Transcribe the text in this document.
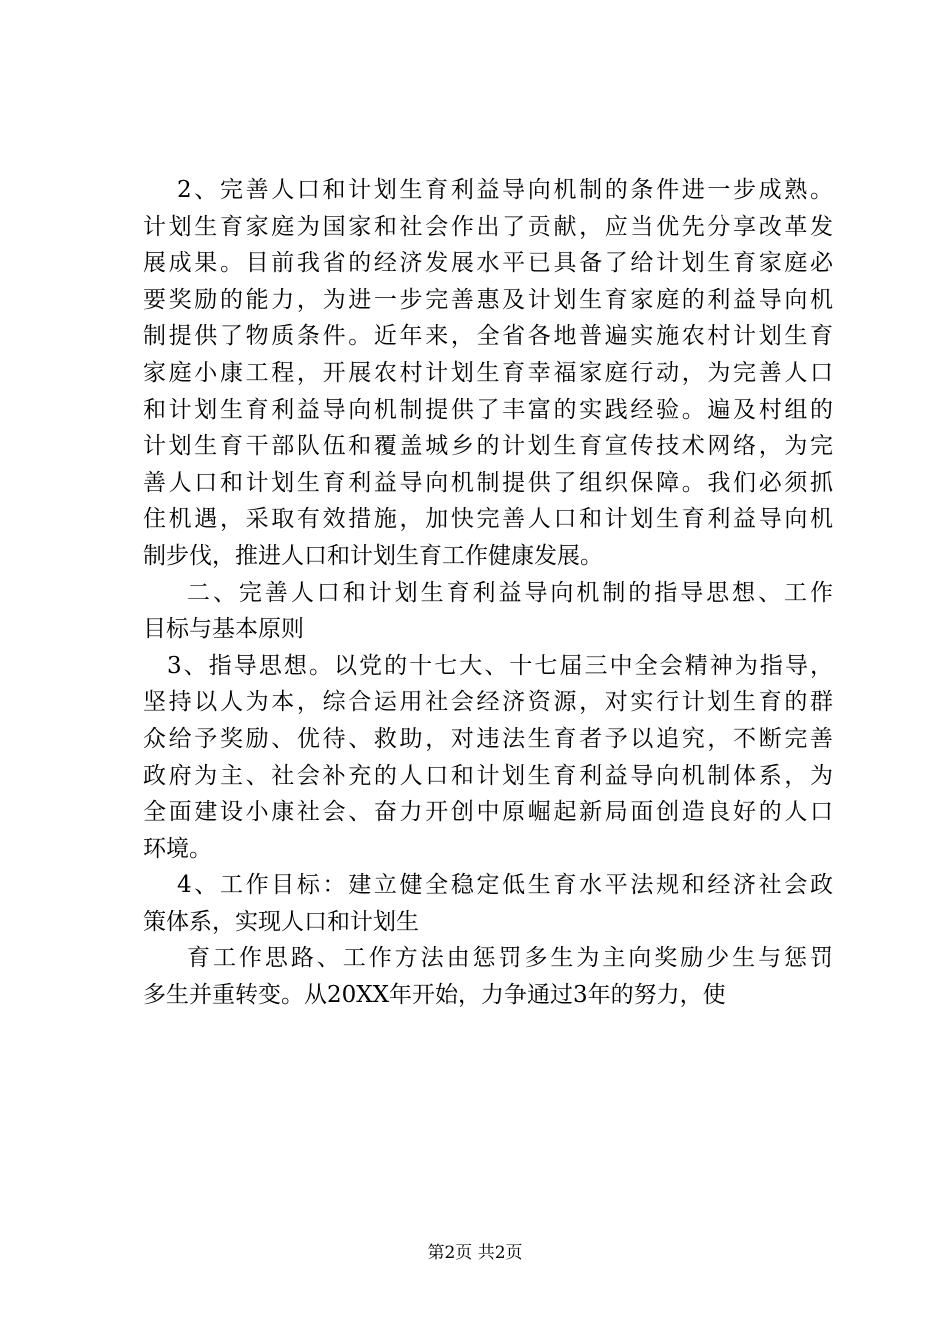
2、完善人口和计划生育利益导向机制的条件进一步成熟。
计划生育家庭为国家和社会作出了贡献，应当优先分享改革发
展成果。目前我省的经济发展水平已具备了给计划生育家庭必
要奖励的能力，为进一步完善惠及计划生育家庭的利益导向机
制提供了物质条件。近年来，全省各地普遍实施农村计划生育
家庭小康工程，开展农村计划生育幸福家庭行动，为完善人口
和计划生育利益导向机制提供了丰富的实践经验。遍及村组的
计划生育干部队伍和覆盖城乡的计划生育宣传技术网络，为完
善人口和计划生育利益导向机制提供了组织保障。我们必须抓
住机遇，采取有效措施，加快完善人口和计划生育利益导向机
制步伐，推进人口和计划生育工作健康发展。
二、完善人口和计划生育利益导向机制的指导思想、工作
目标与基本原则
3、指导思想。以党的十七大、十七届三中全会精神为指导，
坚持以人为本，综合运用社会经济资源，对实行计划生育的群
众给予奖励、优待、救助，对违法生育者予以追究，不断完善
政府为主、社会补充的人口和计划生育利益导向机制体系，为
全面建设小康社会、奋力开创中原崛起新局面创造良好的人口
环境。
4、工作目标：建立健全稳定低生育水平法规和经济社会政
策体系，实现人口和计划生
育工作思路、工作方法由惩罚多生为主向奖励少生与惩罚
多生并重转变。从20XX年开始，力争通过3年的努力，使
第2页 共2页
